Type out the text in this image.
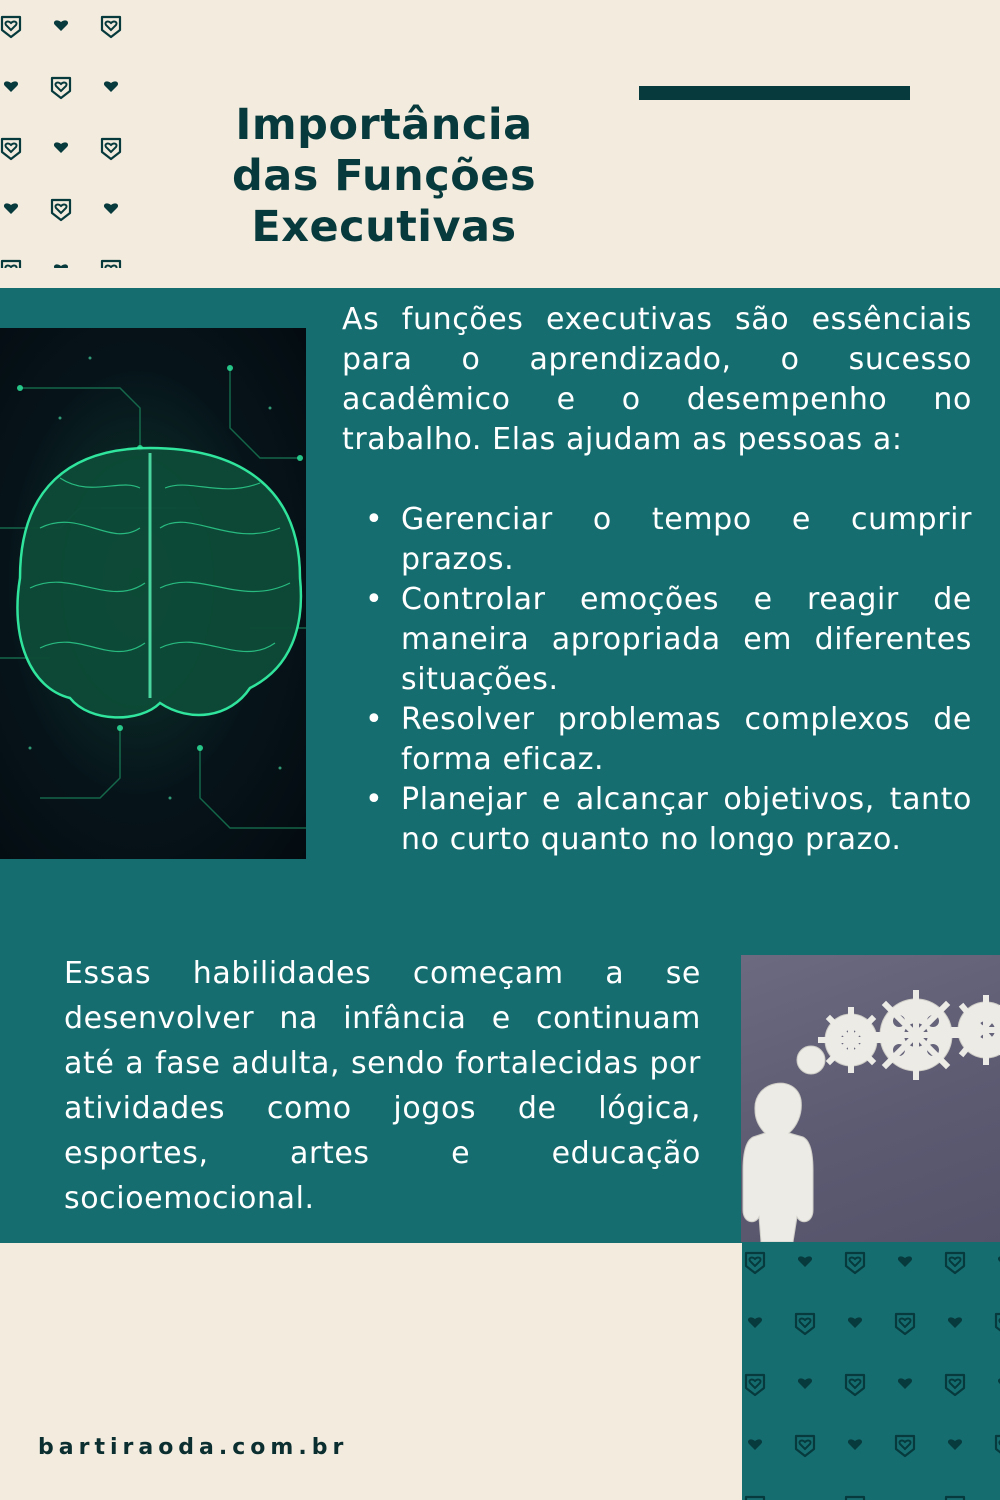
Importância
das Funções
Executivas

As funções executivas são essênciais para o aprendizado, o sucesso acadêmico e o desempenho no trabalho. Elas ajudam as pessoas a:

• Gerenciar o tempo e cumprir prazos.
• Controlar emoções e reagir de maneira apropriada em diferentes situações.
• Resolver problemas complexos de forma eficaz.
• Planejar e alcançar objetivos, tanto no curto quanto no longo prazo.

Essas habilidades começam a se desenvolver na infância e continuam até a fase adulta, sendo fortalecidas por atividades como jogos de lógica, esportes, artes e educação socioemocional.

bartiraoda.com.br
